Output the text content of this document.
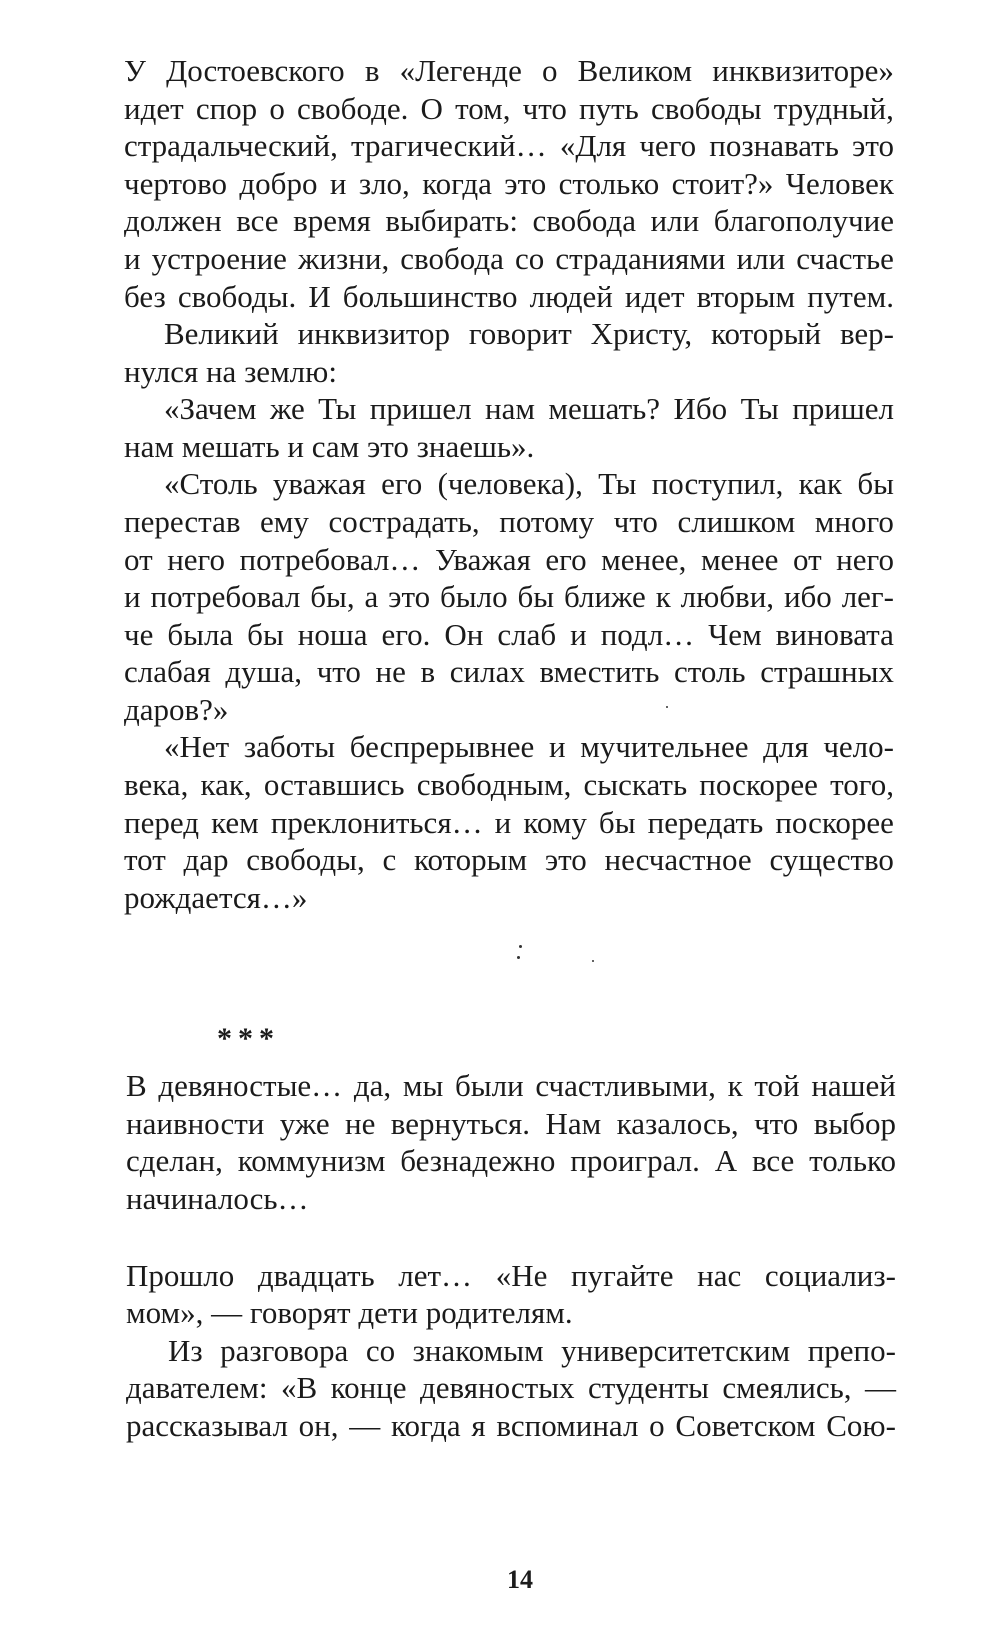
У Достоевского в «Легенде о Великом инквизиторе»
идет спор о свободе. О том, что путь свободы трудный,
страдальческий, трагический… «Для чего познавать это
чертово добро и зло, когда это столько стоит?» Человек
должен все время выбирать: свобода или благополучие
и устроение жизни, свобода со страданиями или счастье
без свободы. И большинство людей идет вторым путем.
Великий инквизитор говорит Христу, который вер-
нулся на землю:
«Зачем же Ты пришел нам мешать? Ибо Ты пришел
нам мешать и сам это знаешь».
«Столь уважая его (человека), Ты поступил, как бы
перестав ему сострадать, потому что слишком много
от него потребовал… Уважая его менее, менее от него
и потребовал бы, а это было бы ближе к любви, ибо лег-
че была бы ноша его. Он слаб и подл… Чем виновата
слабая душа, что не в силах вместить столь страшных
даров?»
«Нет заботы беспрерывнее и мучительнее для чело-
века, как, оставшись свободным, сыскать поскорее того,
перед кем преклониться… и кому бы передать поскорее
тот дар свободы, с которым это несчастное существо
рождается…»
***
В девяностые… да, мы были счастливыми, к той нашей
наивности уже не вернуться. Нам казалось, что выбор
сделан, коммунизм безнадежно проиграл. А все только
начиналось…
Прошло двадцать лет… «Не пугайте нас социализ-
мом», — говорят дети родителям.
Из разговора со знакомым университетским препо-
давателем: «В конце девяностых студенты смеялись, —
рассказывал он, — когда я вспоминал о Советском Сою-
14
